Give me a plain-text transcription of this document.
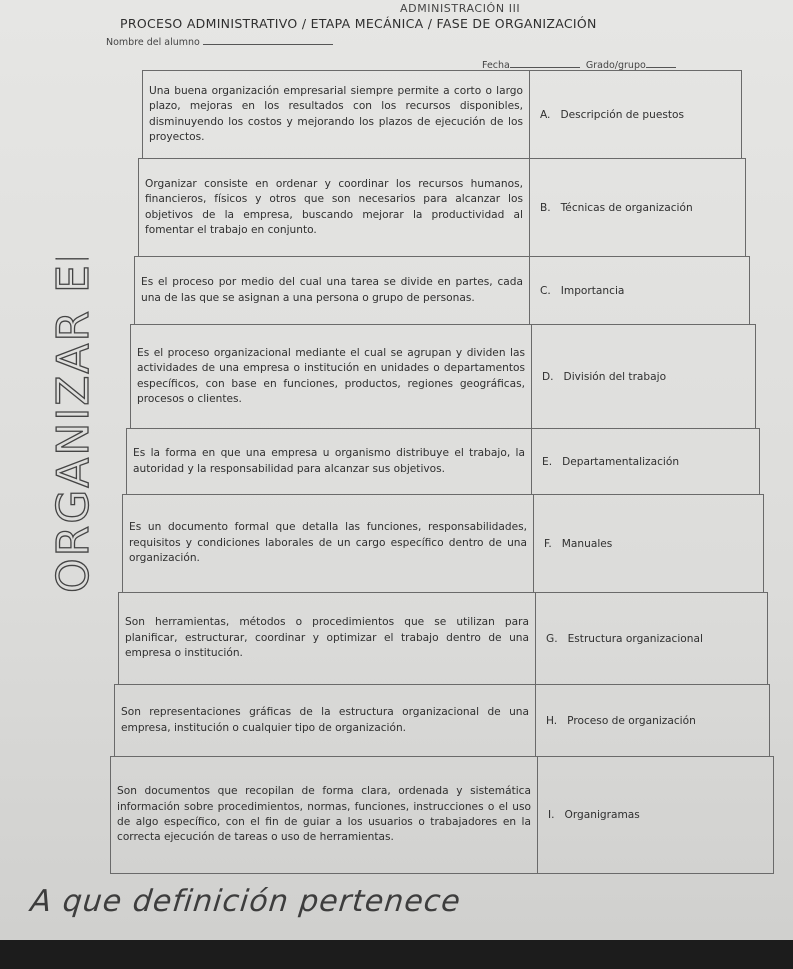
ADMINISTRACIÓN III
PROCESO ADMINISTRATIVO / ETAPA MECÁNICA / FASE DE ORGANIZACIÓN
Nombre del alumno
Fecha	Grado/grupo
Una buena organización empresarial siempre permite a corto o largo plazo, mejoras en los resultados con los recursos disponibles, disminuyendo los costos y mejorando los plazos de ejecución de los proyectos.
A. Descripción de puestos
Organizar consiste en ordenar y coordinar los recursos humanos, financieros, físicos y otros que son necesarios para alcanzar los objetivos de la empresa, buscando mejorar la productividad al fomentar el trabajo en conjunto.
B. Técnicas de organización
Es el proceso por medio del cual una tarea se divide en partes, cada una de las que se asignan a una persona o grupo de personas.
C. Importancia
Es el proceso organizacional mediante el cual se agrupan y dividen las actividades de una empresa o institución en unidades o departamentos específicos, con base en funciones, productos, regiones geográficas, procesos o clientes.
D. División del trabajo
Es la forma en que una empresa u organismo distribuye el trabajo, la autoridad y la responsabilidad para alcanzar sus objetivos.
E. Departamentalización
Es un documento formal que detalla las funciones, responsabilidades, requisitos y condiciones laborales de un cargo específico dentro de una organización.
F. Manuales
Son herramientas, métodos o procedimientos que se utilizan para planificar, estructurar, coordinar y optimizar el trabajo dentro de una empresa o institución.
G. Estructura organizacional
Son representaciones gráficas de la estructura organizacional de una empresa, institución o cualquier tipo de organización.
H. Proceso de organización
Son documentos que recopilan de forma clara, ordenada y sistemática información sobre procedimientos, normas, funciones, instrucciones o el uso de algo específico, con el fin de guiar a los usuarios o trabajadores en la correcta ejecución de tareas o uso de herramientas.
I. Organigramas
ORGANIZAR EN ORDEN
A que definición pertenece
